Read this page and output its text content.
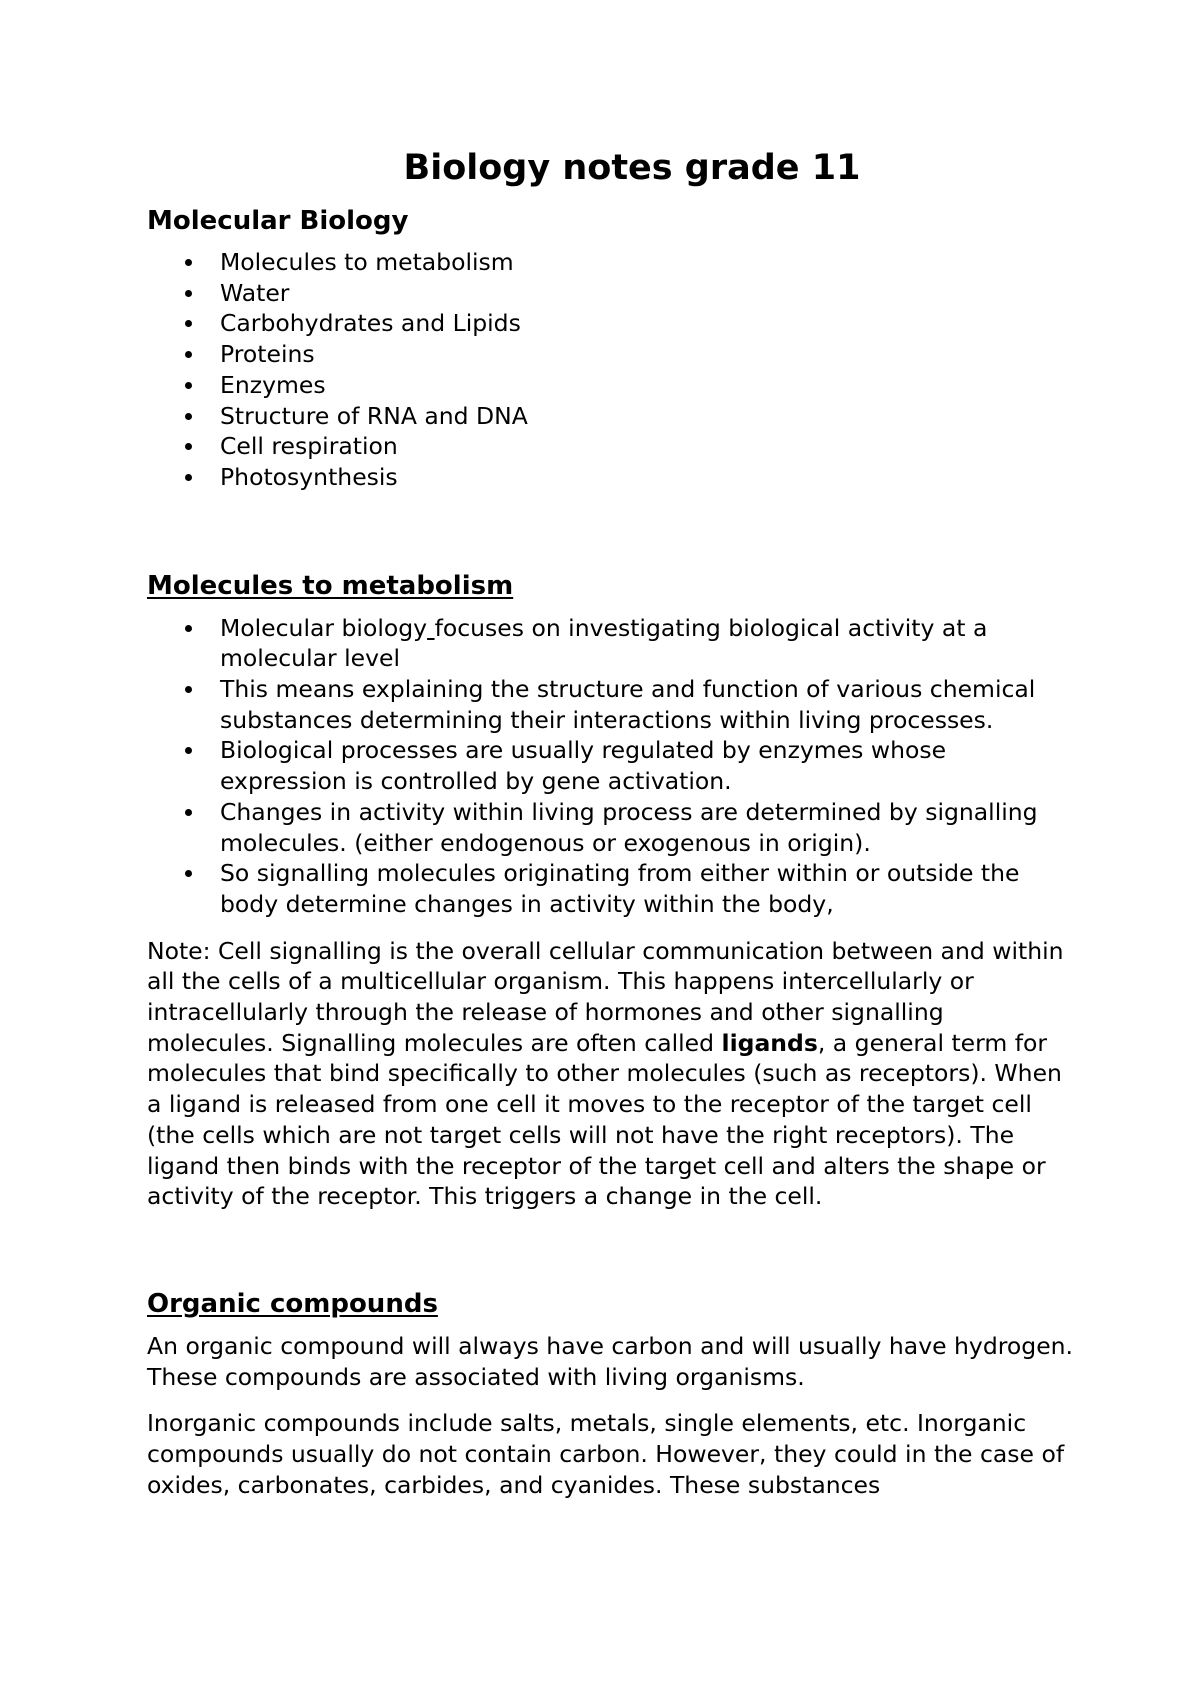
Biology notes grade 11
Molecular Biology
Molecules to metabolism
Water
Carbohydrates and Lipids
Proteins
Enzymes
Structure of RNA and DNA
Cell respiration
Photosynthesis
Molecules to metabolism
Molecular biology focuses on investigating biological activity at a molecular level
This means explaining the structure and function of various chemical substances determining their interactions within living processes.
Biological processes are usually regulated by enzymes whose expression is controlled by gene activation.
Changes in activity within living process are determined by signalling molecules. (either endogenous or exogenous in origin).
So signalling molecules originating from either within or outside the body determine changes in activity within the body,

Note: Cell signalling is the overall cellular communication between and within all the cells of a multicellular organism. This happens intercellularly or intracellularly through the release of hormones and other signalling molecules. Signalling molecules are often called ligands, a general term for molecules that bind specifically to other molecules (such as receptors). When a ligand is released from one cell it moves to the receptor of the target cell (the cells which are not target cells will not have the right receptors). The ligand then binds with the receptor of the target cell and alters the shape or activity of the receptor. This triggers a change in the cell.

Organic compounds

An organic compound will always have carbon and will usually have hydrogen. These compounds are associated with living organisms.

Inorganic compounds include salts, metals, single elements, etc. Inorganic compounds usually do not contain carbon. However, they could in the case of oxides, carbonates, carbides, and cyanides. These substances
